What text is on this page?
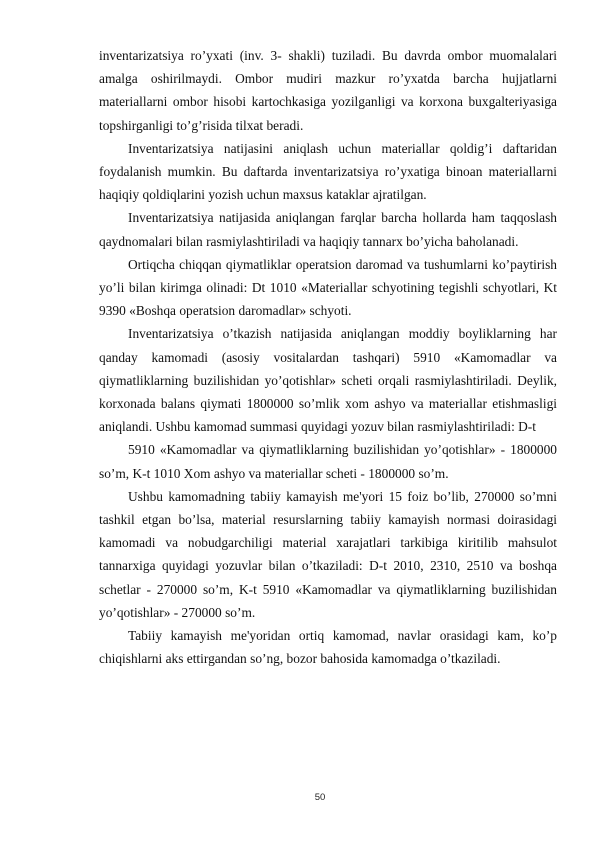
inventarizatsiya ro’yxati (inv. 3- shakli) tuziladi. Bu davrda ombor muomalalari amalga oshirilmaydi. Ombor mudiri mazkur ro’yxatda barcha hujjatlarni materiallarni ombor hisobi kartochkasiga yozilganligi va korxona buxgalteriyasiga topshirganligi to’g’risida tilxat beradi.

Inventarizatsiya natijasini aniqlash uchun materiallar qoldig’i daftaridan foydalanish mumkin. Bu daftarda inventarizatsiya ro’yxatiga binoan materiallarni haqiqiy qoldiqlarini yozish uchun maxsus kataklar ajratilgan.

Inventarizatsiya natijasida aniqlangan farqlar barcha hollarda ham taqqoslash qaydnomalari bilan rasmiylashtiriladi va haqiqiy tannarx bo’yicha baholanadi.

Ortiqcha chiqqan qiymatliklar operatsion daromad va tushumlarni ko’paytirish yo’li bilan kirimga olinadi: Dt 1010 «Materiallar schyotining tegishli schyotlari, Kt 9390 «Boshqa operatsion daromadlar» schyoti.

Inventarizatsiya o’tkazish natijasida aniqlangan moddiy boyliklarning har qanday kamomadi (asosiy vositalardan tashqari) 5910 «Kamomadlar va qiymatliklarning buzilishidan yo’qotishlar» scheti orqali rasmiylashtiriladi. Deylik, korxonada balans qiymati 1800000 so’mlik xom ashyo va materiallar etishmasligi aniqlandi. Ushbu kamomad summasi quyidagi yozuv bilan rasmiylashtiriladi: D-t

5910 «Kamomadlar va qiymatliklarning buzilishidan yo’qotishlar» - 1800000 so’m, K-t 1010 Xom ashyo va materiallar scheti - 1800000 so’m.

Ushbu kamomadning tabiiy kamayish me'yori 15 foiz bo’lib, 270000 so’mni tashkil etgan bo’lsa, material resurslarning tabiiy kamayish normasi doirasidagi kamomadi va nobudgarchiligi material xarajatlari tarkibiga kiritilib mahsulot tannarxiga quyidagi yozuvlar bilan o’tkaziladi: D-t 2010, 2310, 2510 va boshqa schetlar - 270000 so’m, K-t 5910 «Kamomadlar va qiymatliklarning buzilishidan yo’qotishlar» - 270000 so’m.

Tabiiy kamayish me'yoridan ortiq kamomad, navlar orasidagi kam, ko’p chiqishlarni aks ettirgandan so’ng, bozor bahosida kamomadga o’tkaziladi.

50
